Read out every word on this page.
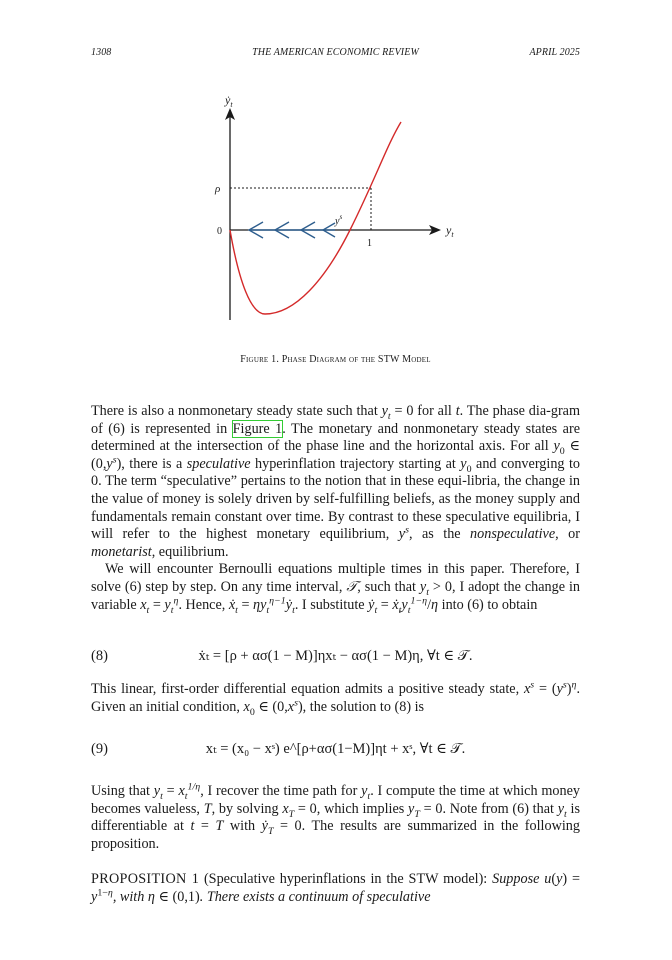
1308	THE AMERICAN ECONOMIC REVIEW	APRIL 2025
ẏ$_t$
$y_t$
ρ
0
1
$y^s$
Figure 1. Phase Diagram of the STW Model

There is also a nonmonetary steady state such that $y_t = 0$ for all t. The phase dia-gram of (6) is represented in Figure 1. The monetary and nonmonetary steady states are determined at the intersection of the phase line and the horizontal axis. For all $y_0$ ∈ $(0,y^s)$, there is a speculative hyperinflation trajectory starting at $y_0$ and converging to 0. The term “speculative” pertains to the notion that in these equi-libria, the change in the value of money is solely driven by self-fulfilling beliefs, as the money supply and fundamentals remain constant over time. By contrast to these speculative equilibria, I will refer to the highest monetary equilibrium, $y^s$, as the nonspeculative, or monetarist, equilibrium.

We will encounter Bernoulli equations multiple times in this paper. Therefore, I solve (6) step by step. On any time interval, 𝒯, such that $y_t > 0$, I adopt the change in variable $x_t = y_t^\eta$. Hence, ẋ$_t$ = $\eta y_t^{\eta-1}ẏ_t$. I substitute ẏ$_t$ = $ẋ_ty_t^{1-\eta}/\eta$ into (6) to obtain

(8)	ẋₜ = [ρ + ασ(1 − M)]ηxₜ − ασ(1 − M)η, ∀t ∈ 𝒯.

This linear, first-order differential equation admits a positive steady state, $x^s = (y^s)^\eta$. Given an initial condition, $x_0$ ∈ $(0,x^s)$, the solution to (8) is

(9)	xₜ = (x₀ − xˢ) e^[ρ+ασ(1−M)]ηt + xˢ, ∀t ∈ 𝒯.

Using that $y_t = x_t^{1/\eta}$, I recover the time path for $y_t$. I compute the time at which money becomes valueless, T, by solving $x_T = 0$, which implies $y_T = 0$. Note from (6) that $y_t$ is differentiable at t = T with ẏ$_T$ = 0. The results are summarized in the following proposition.

PROPOSITION 1 (Speculative hyperinflations in the STW model): Suppose $u(y) = y^{1-\eta}$, with η ∈ (0,1). There exists a continuum of speculative
